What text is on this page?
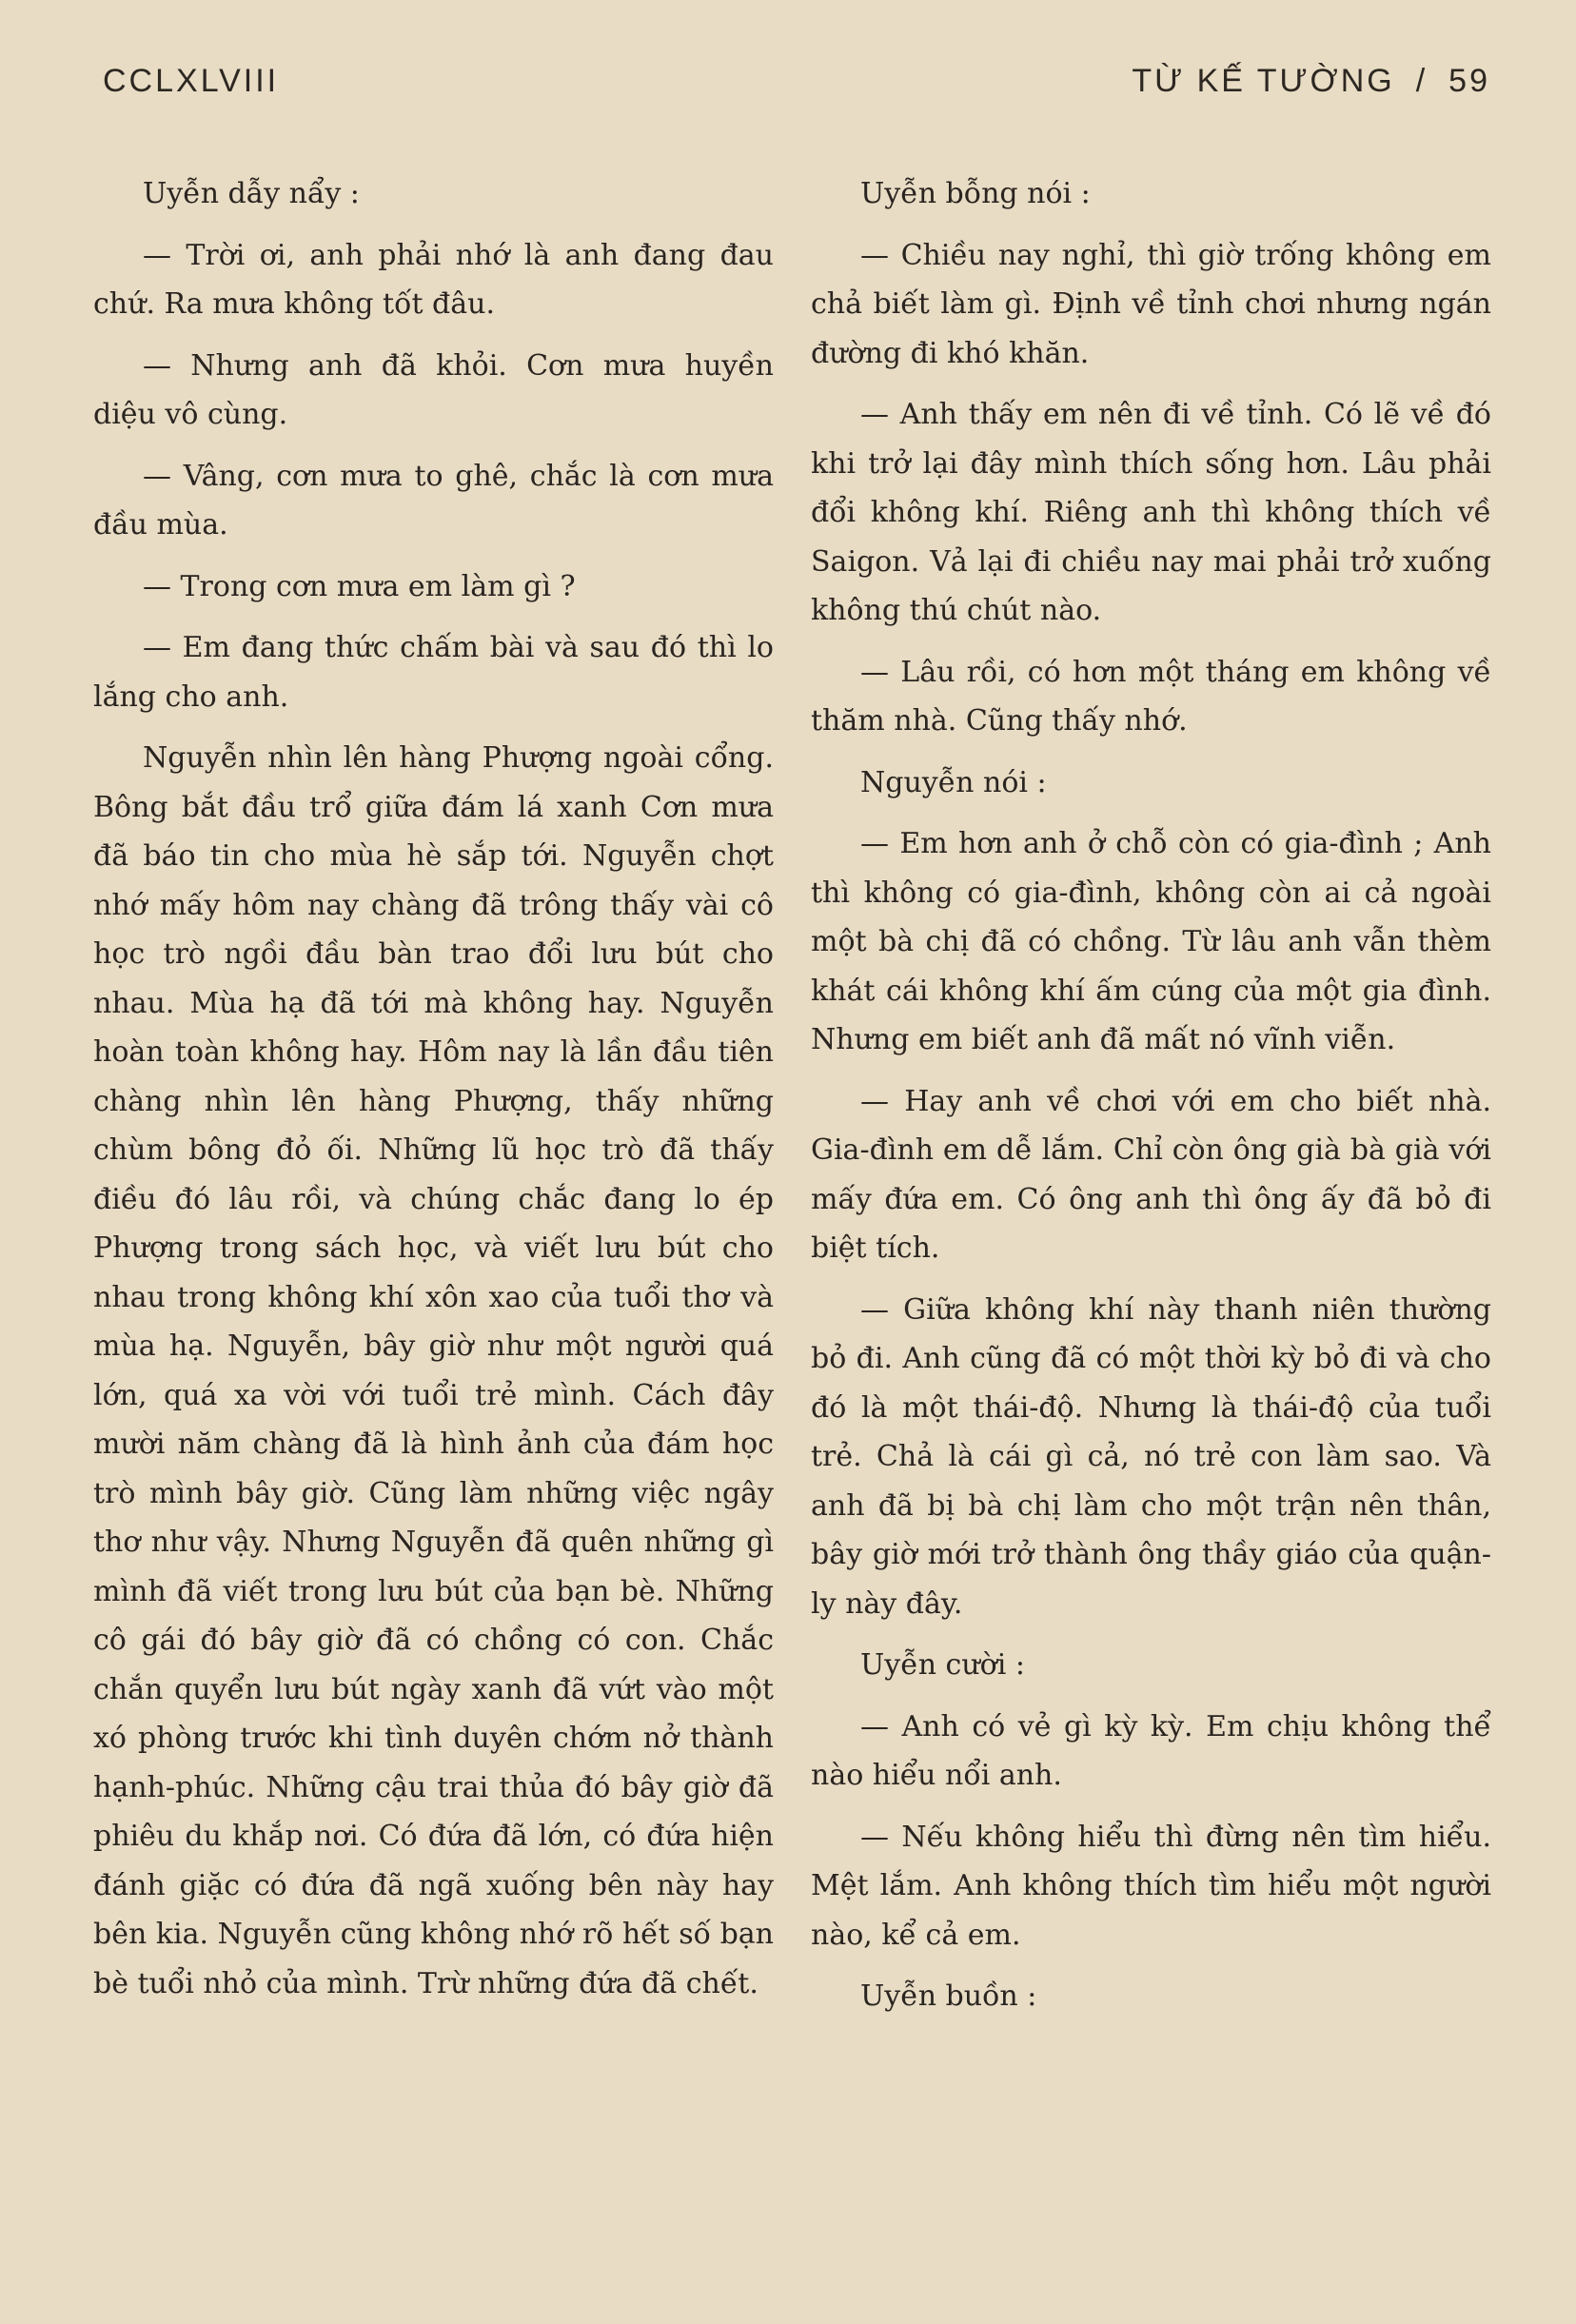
CCLXLVIII	TỪ KẾ TƯỜNG / 59

Uyễn dẫy nẩy :

— Trời ơi, anh phải nhớ là anh đang đau chứ. Ra mưa không tốt đâu.

— Nhưng anh đã khỏi. Cơn mưa huyền diệu vô cùng.

— Vâng, cơn mưa to ghê, chắc là cơn mưa đầu mùa.

— Trong cơn mưa em làm gì ?

— Em đang thức chấm bài và sau đó thì lo lắng cho anh.

Nguyễn nhìn lên hàng Phượng ngoài cổng. Bông bắt đầu trổ giữa đám lá xanh Cơn mưa đã báo tin cho mùa hè sắp tới. Nguyễn chợt nhớ mấy hôm nay chàng đã trông thấy vài cô học trò ngồi đầu bàn trao đổi lưu bút cho nhau. Mùa hạ đã tới mà không hay. Nguyễn hoàn toàn không hay. Hôm nay là lần đầu tiên chàng nhìn lên hàng Phượng, thấy những chùm bông đỏ ối. Những lũ học trò đã thấy điều đó lâu rồi, và chúng chắc đang lo ép Phượng trong sách học, và viết lưu bút cho nhau trong không khí xôn xao của tuổi thơ và mùa hạ. Nguyễn, bây giờ như một người quá lớn, quá xa vời với tuổi trẻ mình. Cách đây mười năm chàng đã là hình ảnh của đám học trò mình bây giờ. Cũng làm những việc ngây thơ như vậy. Nhưng Nguyễn đã quên những gì mình đã viết trong lưu bút của bạn bè. Những cô gái đó bây giờ đã có chồng có con. Chắc chắn quyển lưu bút ngày xanh đã vứt vào một xó phòng trước khi tình duyên chớm nở thành hạnh-phúc. Những cậu trai thủa đó bây giờ đã phiêu du khắp nơi. Có đứa đã lớn, có đứa hiện đánh giặc có đứa đã ngã xuống bên này hay bên kia. Nguyễn cũng không nhớ rõ hết số bạn bè tuổi nhỏ của mình. Trừ những đứa đã chết.

Uyễn bỗng nói :

— Chiều nay nghỉ, thì giờ trống không em chả biết làm gì. Định về tỉnh chơi nhưng ngán đường đi khó khăn.

— Anh thấy em nên đi về tỉnh. Có lẽ về đó khi trở lại đây mình thích sống hơn. Lâu phải đổi không khí. Riêng anh thì không thích về Saigon. Vả lại đi chiều nay mai phải trở xuống không thú chút nào.

— Lâu rồi, có hơn một tháng em không về thăm nhà. Cũng thấy nhớ.

Nguyễn nói :

— Em hơn anh ở chỗ còn có gia-đình ; Anh thì không có gia-đình, không còn ai cả ngoài một bà chị đã có chồng. Từ lâu anh vẫn thèm khát cái không khí ấm cúng của một gia đình. Nhưng em biết anh đã mất nó vĩnh viễn.

— Hay anh về chơi với em cho biết nhà. Gia-đình em dễ lắm. Chỉ còn ông già bà già với mấy đứa em. Có ông anh thì ông ấy đã bỏ đi biệt tích.

— Giữa không khí này thanh niên thường bỏ đi. Anh cũng đã có một thời kỳ bỏ đi và cho đó là một thái-độ. Nhưng là thái-độ của tuổi trẻ. Chả là cái gì cả, nó trẻ con làm sao. Và anh đã bị bà chị làm cho một trận nên thân, bây giờ mới trở thành ông thầy giáo của quận-ly này đây.

Uyễn cười :

— Anh có vẻ gì kỳ kỳ. Em chịu không thể nào hiểu nổi anh.

— Nếu không hiểu thì đừng nên tìm hiểu. Mệt lắm. Anh không thích tìm hiểu một người nào, kể cả em.

Uyễn buồn :
